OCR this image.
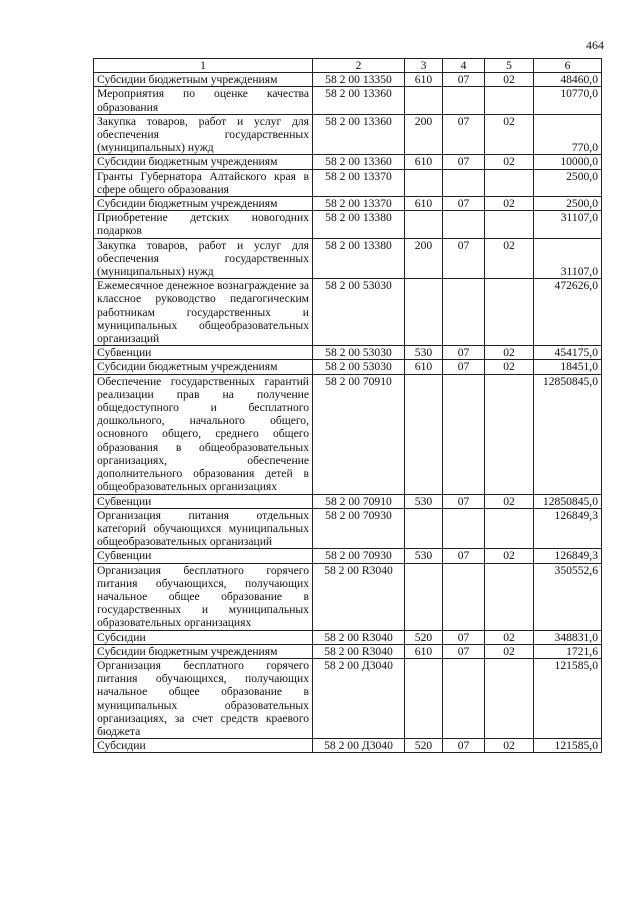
464
1	2	3	4	5	6
Субсидии бюджетным учреждениям	58 2 00 13350	610	07	02	48460,0
Мероприятия по оценке качества образования	58 2 00 13360				10770,0
Закупка товаров, работ и услуг для обеспечения государственных (муниципальных) нужд	58 2 00 13360	200	07	02	770,0
Субсидии бюджетным учреждениям	58 2 00 13360	610	07	02	10000,0
Гранты Губернатора Алтайского края в сфере общего образования	58 2 00 13370				2500,0
Субсидии бюджетным учреждениям	58 2 00 13370	610	07	02	2500,0
Приобретение детских новогодних подарков	58 2 00 13380				31107,0
Закупка товаров, работ и услуг для обеспечения государственных (муниципальных) нужд	58 2 00 13380	200	07	02	31107,0
Ежемесячное денежное вознаграждение за классное руководство педагогическим работникам государственных и муниципальных общеобразовательных организаций	58 2 00 53030				472626,0
Субвенции	58 2 00 53030	530	07	02	454175,0
Субсидии бюджетным учреждениям	58 2 00 53030	610	07	02	18451,0
Обеспечение государственных гарантий реализации прав на получение общедоступного и бесплатного дошкольного, начального общего, основного общего, среднего общего образования в общеобразовательных организациях, обеспечение дополнительного образования детей в общеобразовательных организациях	58 2 00 70910				12850845,0
Субвенции	58 2 00 70910	530	07	02	12850845,0
Организация питания отдельных категорий обучающихся муниципальных общеобразовательных организаций	58 2 00 70930				126849,3
Субвенции	58 2 00 70930	530	07	02	126849,3
Организация бесплатного горячего питания обучающихся, получающих начальное общее образование в государственных и муниципальных образовательных организациях	58 2 00 R3040				350552,6
Субсидии	58 2 00 R3040	520	07	02	348831,0
Субсидии бюджетным учреждениям	58 2 00 R3040	610	07	02	1721,6
Организация бесплатного горячего питания обучающихся, получающих начальное общее образование в муниципальных образовательных организациях, за счет средств краевого бюджета	58 2 00 Д3040				121585,0
Субсидии	58 2 00 Д3040	520	07	02	121585,0
